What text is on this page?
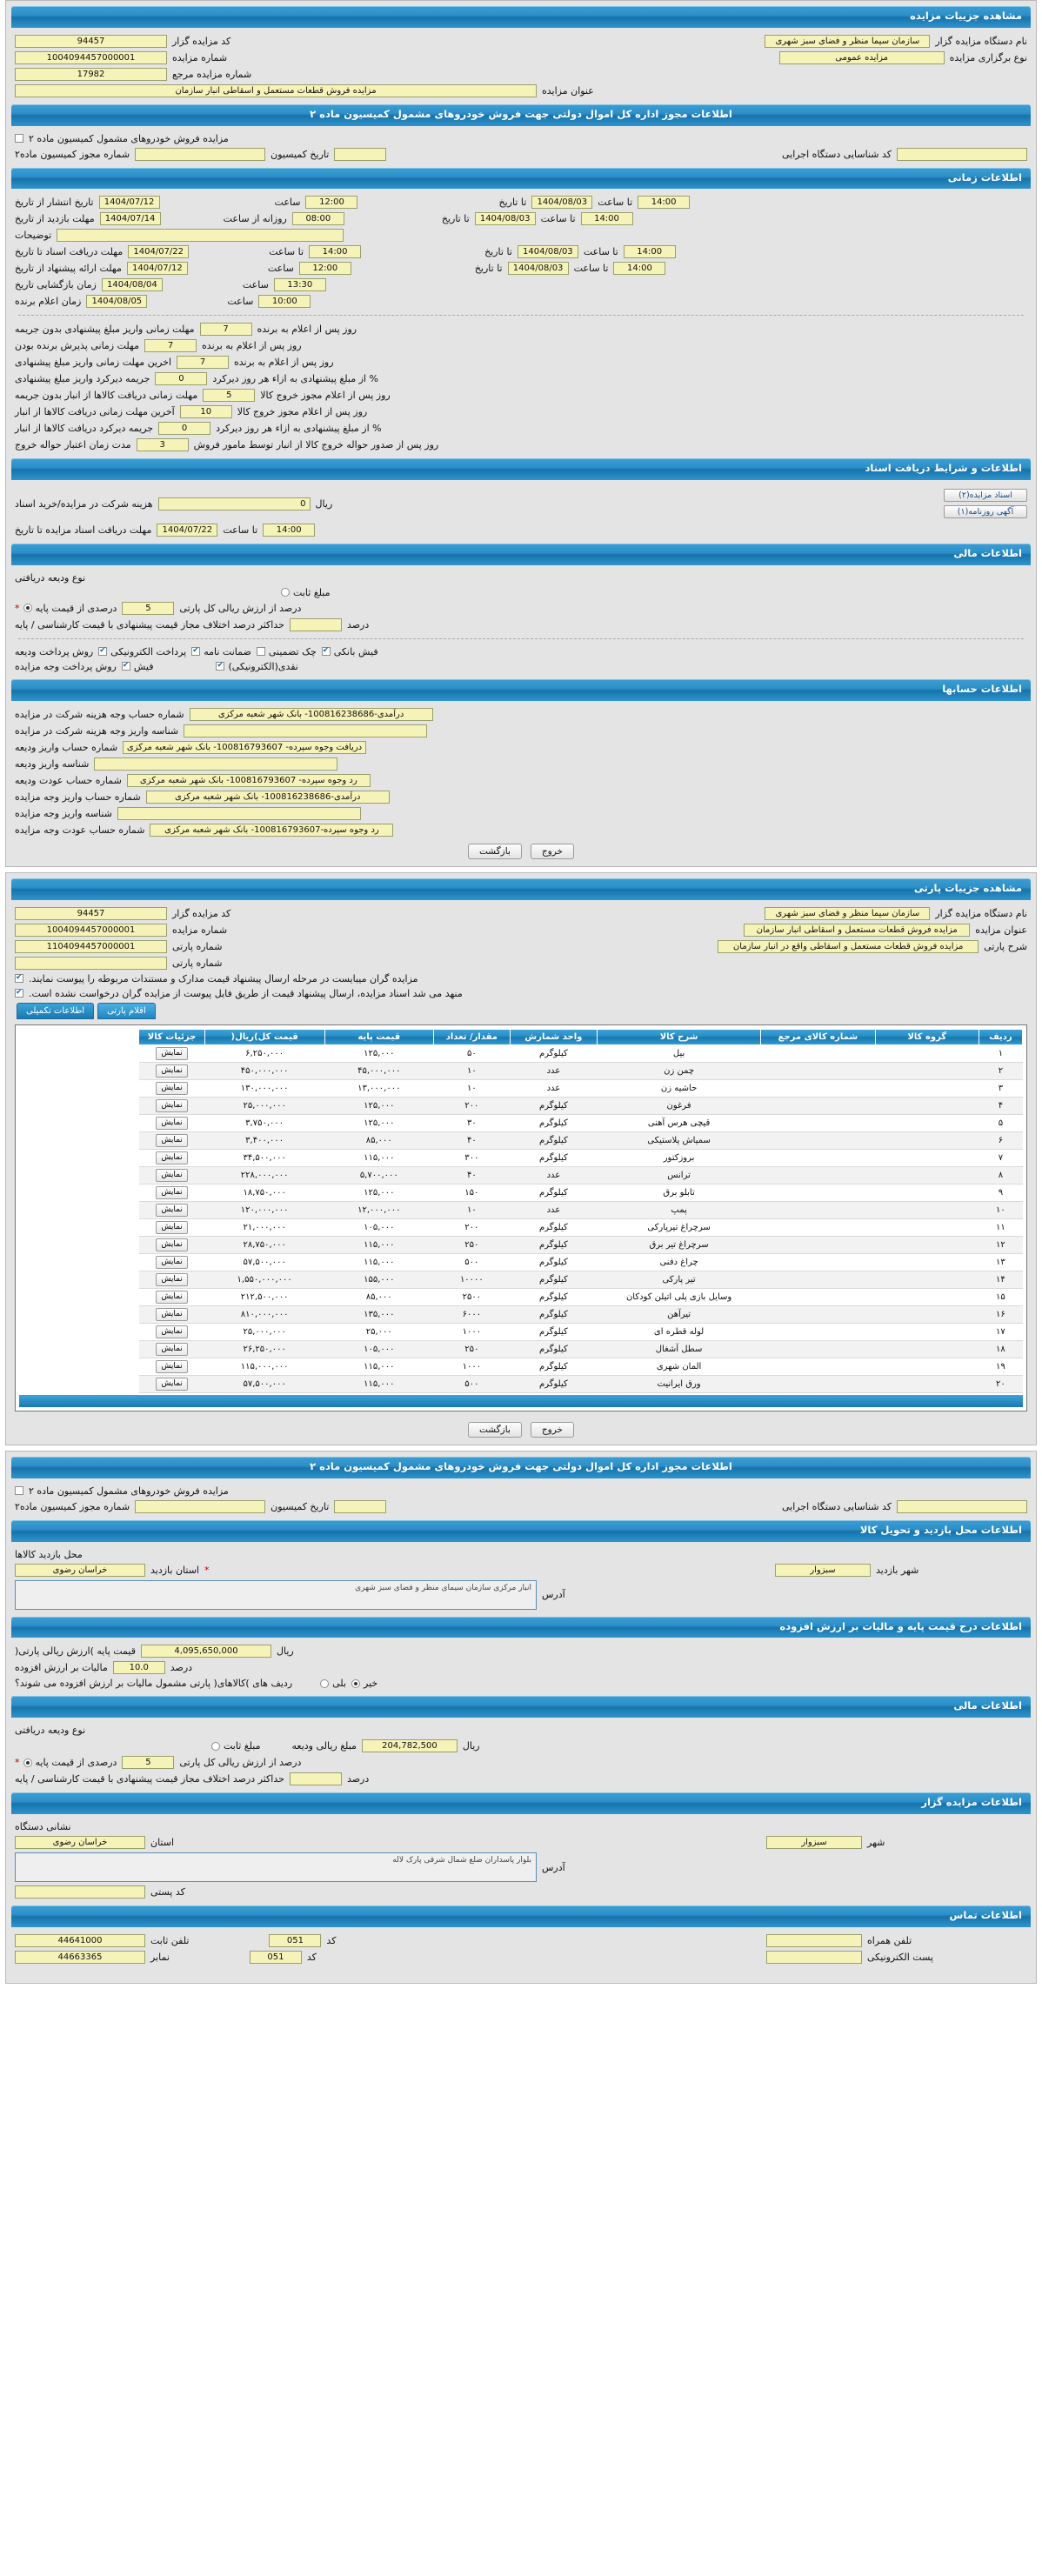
مشاهده جزییات مزایده
نام دستگاه مزایده گزار
سازمان سیما منظر و فضای سبز شهری
کد مزایده گزار
94457
نوع برگزاری مزایده
مزایده عمومی
شماره مزایده
1004094457000001
شماره مزایده مرجع
17982
عنوان مزایده
مزایده فروش قطعات مستعمل و اسقاطی انبار سازمان
اطلاعات مجوز اداره کل اموال دولتی جهت فروش خودروهای مشمول کمیسیون ماده ۲
مزایده فروش خودروهای مشمول کمیسیون ماده ۲

کد شناسایی دستگاه اجرایی

تاریخ کمیسیون

شماره مجوز کمیسیون ماده۲
اطلاعات زمانی
14:00
تا ساعت
1404/08/03
تا تاریخ
12:00
ساعت
1404/07/12
تاریخ انتشار از تاریخ
14:00
تا ساعت
1404/08/03
تا تاریخ
08:00
روزانه از ساعت
1404/07/14
مهلت بازدید از تاریخ

توضیحات
14:00
تا ساعت
1404/08/03
تا تاریخ
14:00
تا ساعت
1404/07/22
مهلت دریافت اسناد تا تاریخ
14:00
تا ساعت
1404/08/03
تا تاریخ
12:00
ساعت
1404/07/12
مهلت ارائه پیشنهاد از تاریخ
13:30
ساعت
1404/08/04
زمان بازگشایی تاریخ
10:00
ساعت
1404/08/05
زمان اعلام برنده
روز پس از اعلام به برنده
7
مهلت زمانی واریز مبلغ پیشنهادی بدون جریمه
روز پس از اعلام به برنده
7
مهلت زمانی پذیرش برنده بودن
روز پس از اعلام به برنده
7
اخرین مهلت زمانی واریز مبلغ پیشنهادی
% از مبلغ پیشنهادی به ازاء هر روز دیرکرد
0
جریمه دیرکرد واریز مبلغ پیشنهادی
روز پس از اعلام مجوز خروج کالا
5
مهلت زمانی دریافت کالاها از انبار بدون جریمه
روز پس از اعلام مجوز خروج کالا
10
آخرین مهلت زمانی دریافت کالاها از انبار
% از مبلغ پیشنهادی به ازاء هر روز دیرکرد
0
جریمه دیرکرد دریافت کالاها از انبار
روز پس از صدور حواله خروج کالا از انبار توسط مامور فروش
3
مدت زمان اعتبار حواله خروج
اطلاعات و شرایط دریافت اسناد
اسناد مزایده(۲)
آگهی روزنامه(۱)
ریال
0
هزینه شرکت در مزایده/خرید اسناد
14:00
تا ساعت
1404/07/22
مهلت دریافت اسناد مزایده تا تاریخ
اطلاعات مالی
نوع ودیعه دریافتی
مبلغ ثابت
درصد از ارزش ریالی کل پارتی
5
درصدی از قیمت پایه
*
درصد

حداکثر درصد اختلاف مجاز قیمت پیشنهادی با قیمت کارشناسی / پایه
فیش بانکی
✔
چک تضمینی
ضمانت نامه
✔
پرداخت الکترونیکی
✔
روش پرداخت ودیعه
نقدی(الکترونیکی)
✔
فیش
✔
روش پرداخت وجه مزایده
اطلاعات حسابها
درآمدی-100816238686- بانک شهر شعبه مرکزی
شماره حساب وجه هزینه شرکت در مزایده

شناسه واریز وجه هزینه شرکت در مزایده
دریافت وجوه سپرده- 100816793607- بانک شهر شعبه مرکزی
شماره حساب واریز ودیعه

شناسه واریز ودیعه
رد وجوه سپرده- 100816793607- بانک شهر شعبه مرکزی
شماره حساب عودت ودیعه
درآمدی-100816238686- بانک شهر شعبه مرکزی
شماره حساب واریز وجه مزایده

شناسه واریز وجه مزایده
رد وجوه سپرده-100816793607- بانک شهر شعبه مرکزی
شماره حساب عودت وجه مزایده
خروج
بازگشت
مشاهده جزییات پارتی
نام دستگاه مزایده گزار
سازمان سیما منظر و فضای سبز شهری
کد مزایده گزار
94457
عنوان مزایده
مزایده فروش قطعات مستعمل و اسقاطی انبار سازمان
شماره مزایده
1004094457000001
شرح پارتی
مزایده فروش قطعات مستعمل و اسقاطی واقع در انبار سازمان
شماره پارتی
1104094457000001
شماره پارتی

مزایده گران میبایست در مرحله ارسال پیشنهاد قیمت مدارک و مستندات مربوطه را پیوست نمایند.
✔
منهد می شد اسناد مزایده، ارسال پیشنهاد قیمت از طریق فایل پیوست از مزایده گران درخواست نشده است.
✔
اقلام پارتی
اطلاعات تکمیلی
ردیف	گروه کالا	شماره کالای مرجع	شرح کالا	واحد شمارش	مقدار/ تعداد	قیمت پایه	قیمت کل)ریال(	جزئیات کالا	
۱			بیل	کیلوگرم	۵۰	۱۲۵,۰۰۰	۶,۲۵۰,۰۰۰	نمایش	
۲			چمن زن	عدد	۱۰	۴۵,۰۰۰,۰۰۰	۴۵۰,۰۰۰,۰۰۰	نمایش	
۳			حاشیه زن	عدد	۱۰	۱۳,۰۰۰,۰۰۰	۱۳۰,۰۰۰,۰۰۰	نمایش	
۴			فرغون	کیلوگرم	۲۰۰	۱۲۵,۰۰۰	۲۵,۰۰۰,۰۰۰	نمایش	
۵			قیچی هرس آهنی	کیلوگرم	۳۰	۱۲۵,۰۰۰	۳,۷۵۰,۰۰۰	نمایش	
۶			سمپاش پلاستیکی	کیلوگرم	۴۰	۸۵,۰۰۰	۳,۴۰۰,۰۰۰	نمایش	
۷			بروزکتور	کیلوگرم	۳۰۰	۱۱۵,۰۰۰	۳۴,۵۰۰,۰۰۰	نمایش	
۸			ترانس	عدد	۴۰	۵,۷۰۰,۰۰۰	۲۲۸,۰۰۰,۰۰۰	نمایش	
۹			تابلو برق	کیلوگرم	۱۵۰	۱۲۵,۰۰۰	۱۸,۷۵۰,۰۰۰	نمایش	
۱۰			پمپ	عدد	۱۰	۱۲,۰۰۰,۰۰۰	۱۲۰,۰۰۰,۰۰۰	نمایش	
۱۱			سرچراغ تیرپارکی	کیلوگرم	۲۰۰	۱۰۵,۰۰۰	۲۱,۰۰۰,۰۰۰	نمایش	
۱۲			سرچراغ تیر برق	کیلوگرم	۲۵۰	۱۱۵,۰۰۰	۲۸,۷۵۰,۰۰۰	نمایش	
۱۳			چراغ دفنی	کیلوگرم	۵۰۰	۱۱۵,۰۰۰	۵۷,۵۰۰,۰۰۰	نمایش	
۱۴			تیر پارکی	کیلوگرم	۱۰۰۰۰	۱۵۵,۰۰۰	۱,۵۵۰,۰۰۰,۰۰۰	نمایش	
۱۵			وسایل بازی پلی اتیلن کودکان	کیلوگرم	۲۵۰۰	۸۵,۰۰۰	۲۱۲,۵۰۰,۰۰۰	نمایش	
۱۶			تیرآهن	کیلوگرم	۶۰۰۰	۱۳۵,۰۰۰	۸۱۰,۰۰۰,۰۰۰	نمایش	
۱۷			لوله قطره ای	کیلوگرم	۱۰۰۰	۲۵,۰۰۰	۲۵,۰۰۰,۰۰۰	نمایش	
۱۸			سطل آشغال	کیلوگرم	۲۵۰	۱۰۵,۰۰۰	۲۶,۲۵۰,۰۰۰	نمایش	
۱۹			المان شهری	کیلوگرم	۱۰۰۰	۱۱۵,۰۰۰	۱۱۵,۰۰۰,۰۰۰	نمایش	
۲۰			ورق ایرانیت	کیلوگرم	۵۰۰	۱۱۵,۰۰۰	۵۷,۵۰۰,۰۰۰	نمایش	
خروج
بازگشت
اطلاعات مجوز اداره کل اموال دولتی جهت فروش خودروهای مشمول کمیسیون ماده ۲
مزایده فروش خودروهای مشمول کمیسیون ماده ۲

کد شناسایی دستگاه اجرایی

تاریخ کمیسیون

شماره مجوز کمیسیون ماده۲
اطلاعات محل بازدید و تحویل کالا
محل بازدید کالاها
شهر بازدید
سبزوار
*
استان بازدید
خراسان رضوی
آدرس
انبار مرکزی سازمان سیمای منظر و فضای سبز شهری
اطلاعات درج قیمت پایه و مالیات بر ارزش افزوده
ریال
4,095,650,000
قیمت پایه )ارزش ریالی پارتی(
درصد
10.0
مالیات بر ارزش افزوده
خیر
بلی
ردیف های )کالاهای( پارتی مشمول مالیات بر ارزش افزوده می شوند؟
اطلاعات مالی
نوع ودیعه دریافتی
ریال
204,782,500
مبلغ ریالی ودیعه
مبلغ ثابت
درصد از ارزش ریالی کل پارتی
5
درصدی از قیمت پایه
*
درصد

حداکثر درصد اختلاف مجاز قیمت پیشنهادی با قیمت کارشناسی / پایه
اطلاعات مزایده گزار
نشانی دستگاه
شهر
سبزوار
استان
خراسان رضوی
آدرس
بلوار پاسداران ضلع شمال شرقی پارک لاله
کد پستی

اطلاعات تماس
تلفن همراه

کد
051
تلفن ثابت
44641000
پست الکترونیکی

کد
051
نمابر
44663365
